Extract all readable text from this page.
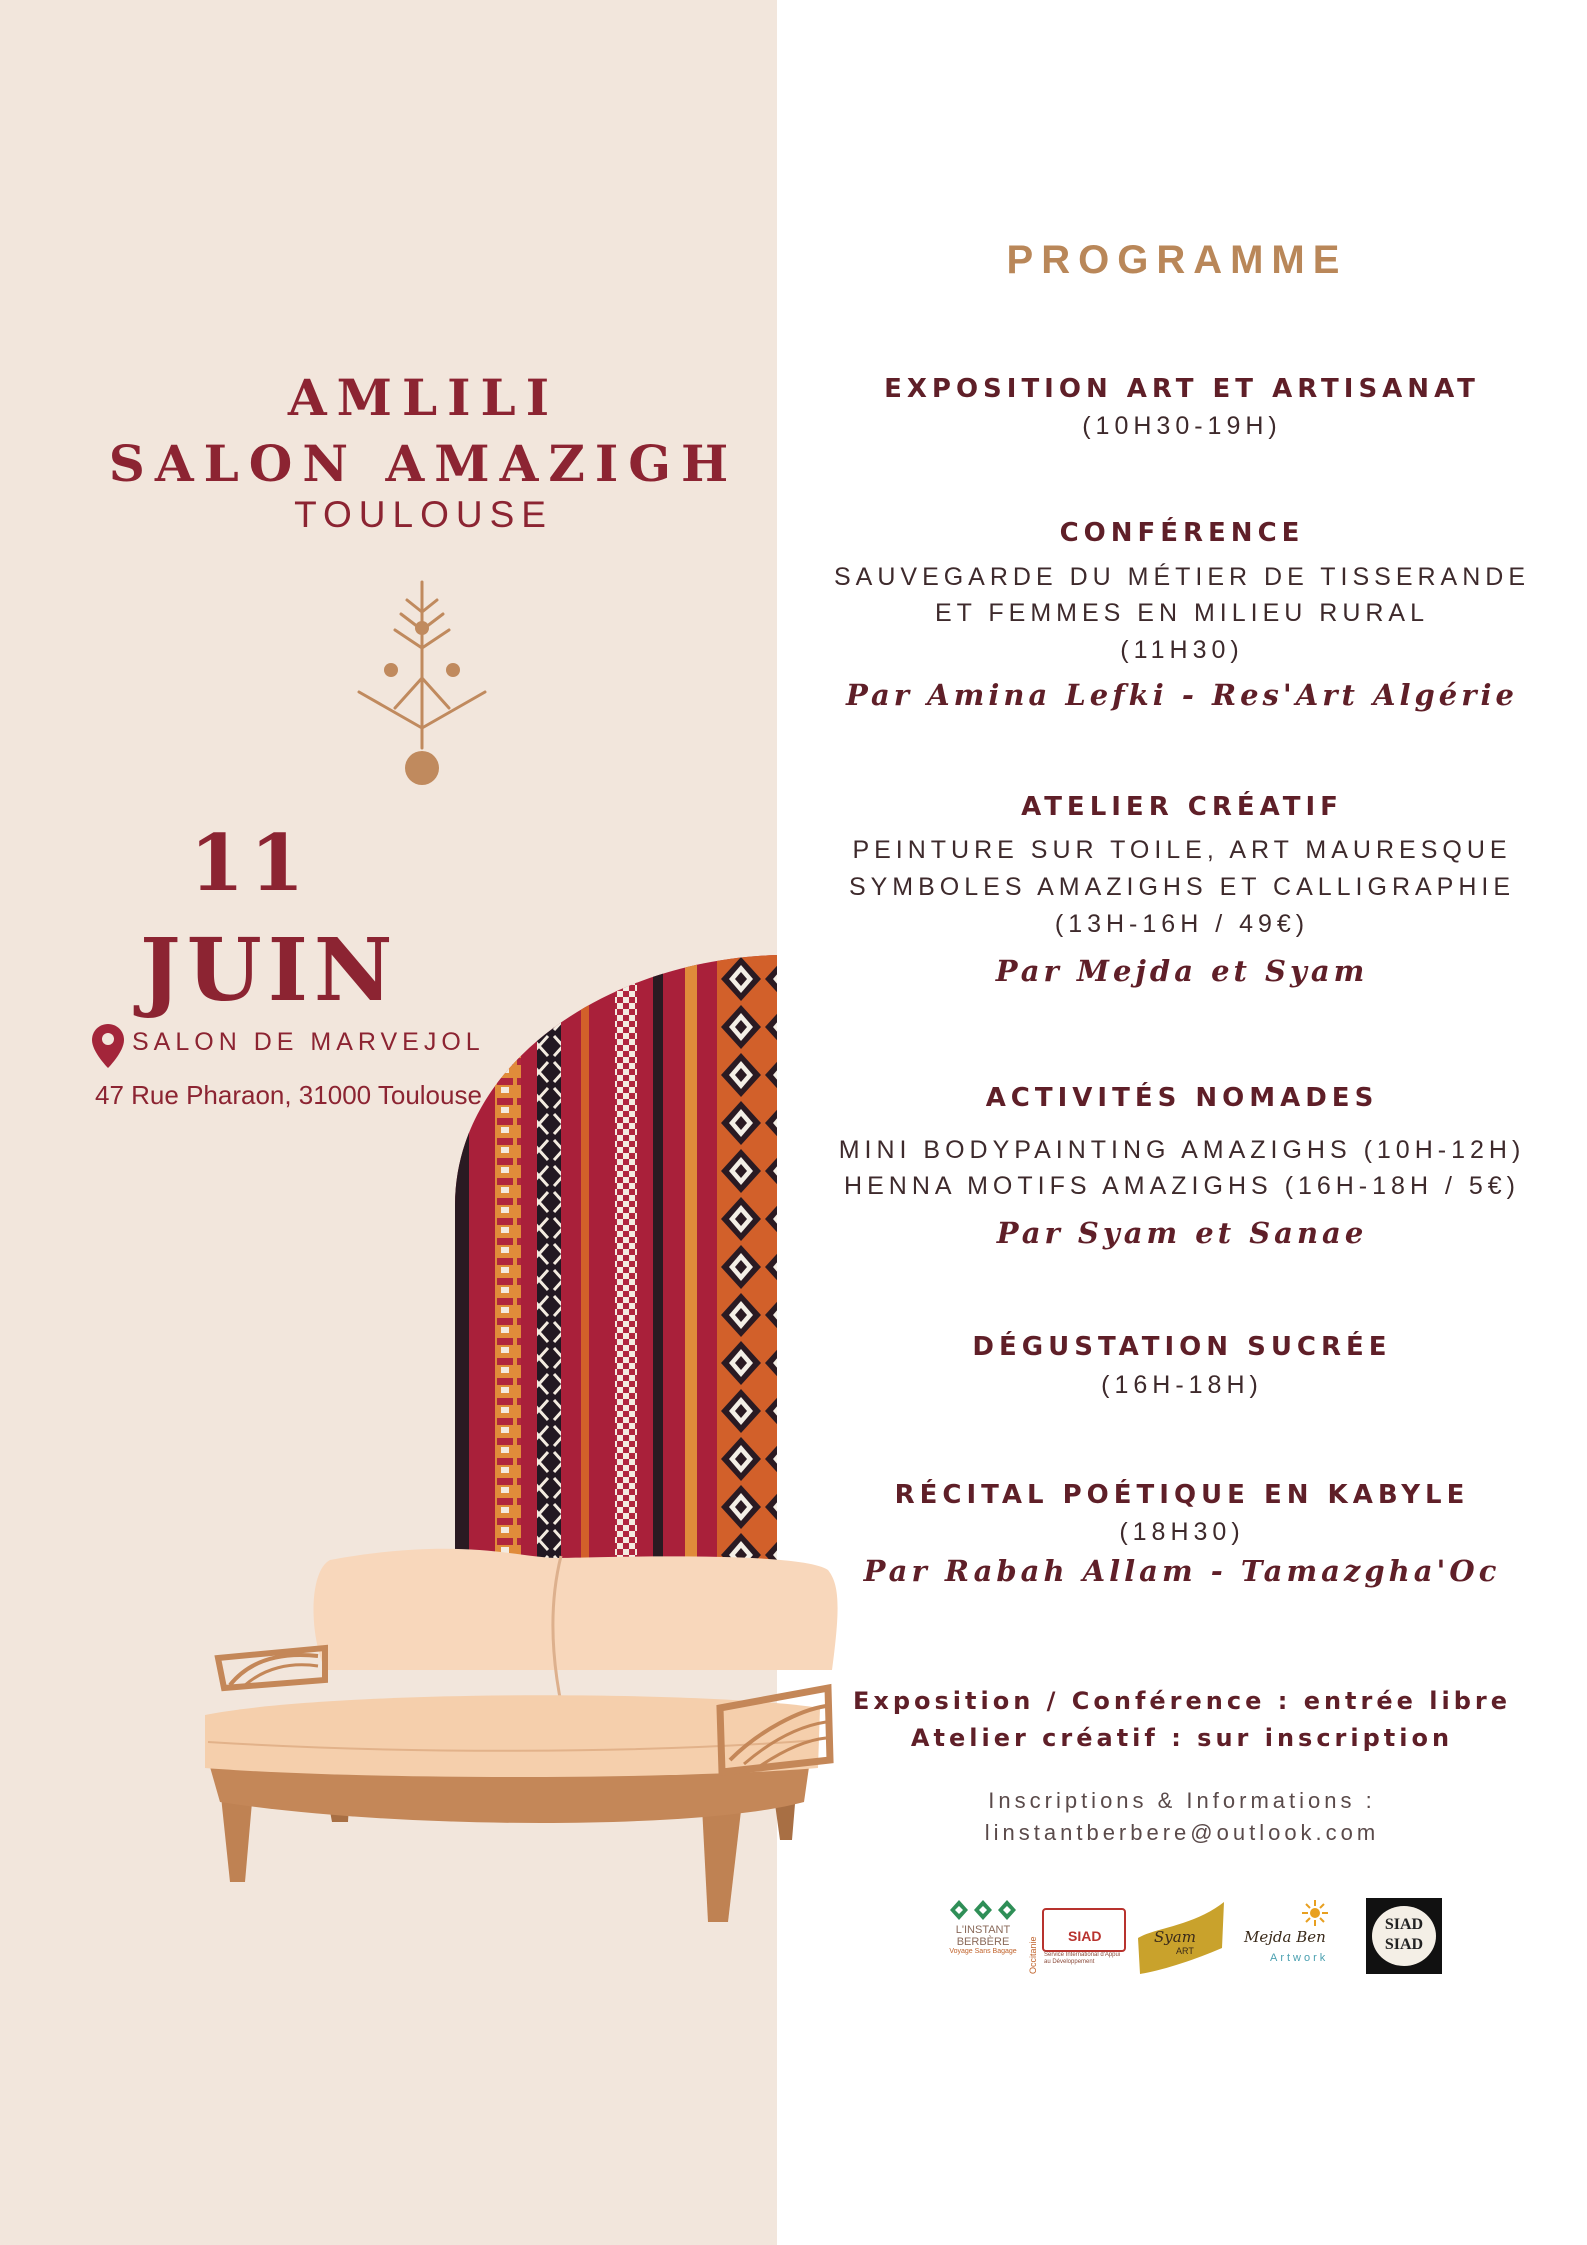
AMLILI
SALON AMAZIGH
TOULOUSE
11
JUIN
SALON DE MARVEJOL
47 Rue Pharaon, 31000 Toulouse
PROGRAMME
EXPOSITION ART ET ARTISANAT
(10H30-19H)
CONFÉRENCE
SAUVEGARDE DU MÉTIER DE TISSERANDE
ET FEMMES EN MILIEU RURAL
(11H30)
Par Amina Lefki - Res'Art Algérie
ATELIER CRÉATIF
PEINTURE SUR TOILE, ART MAURESQUE
SYMBOLES AMAZIGHS ET CALLIGRAPHIE
(13H-16H / 49€)
Par Mejda et Syam
ACTIVITÉS NOMADES
MINI BODYPAINTING AMAZIGHS (10H-12H)
HENNA MOTIFS AMAZIGHS (16H-18H / 5€)
Par Syam et Sanae
DÉGUSTATION SUCRÉE
(16H-18H)
RÉCITAL POÉTIQUE EN KABYLE
(18H30)
Par Rabah Allam - Tamazgha'Oc
Exposition / Conférence : entrée libre
Atelier créatif : sur inscription
Inscriptions & Informations :
linstantberbere@outlook.com
L'INSTANT
BERBÈRE
Voyage Sans Bagage Occitanie
SIAD
Service International d'Appui au Développement
Syam
ART
Mejda Ben
Artwork
SIAD
SIAD
